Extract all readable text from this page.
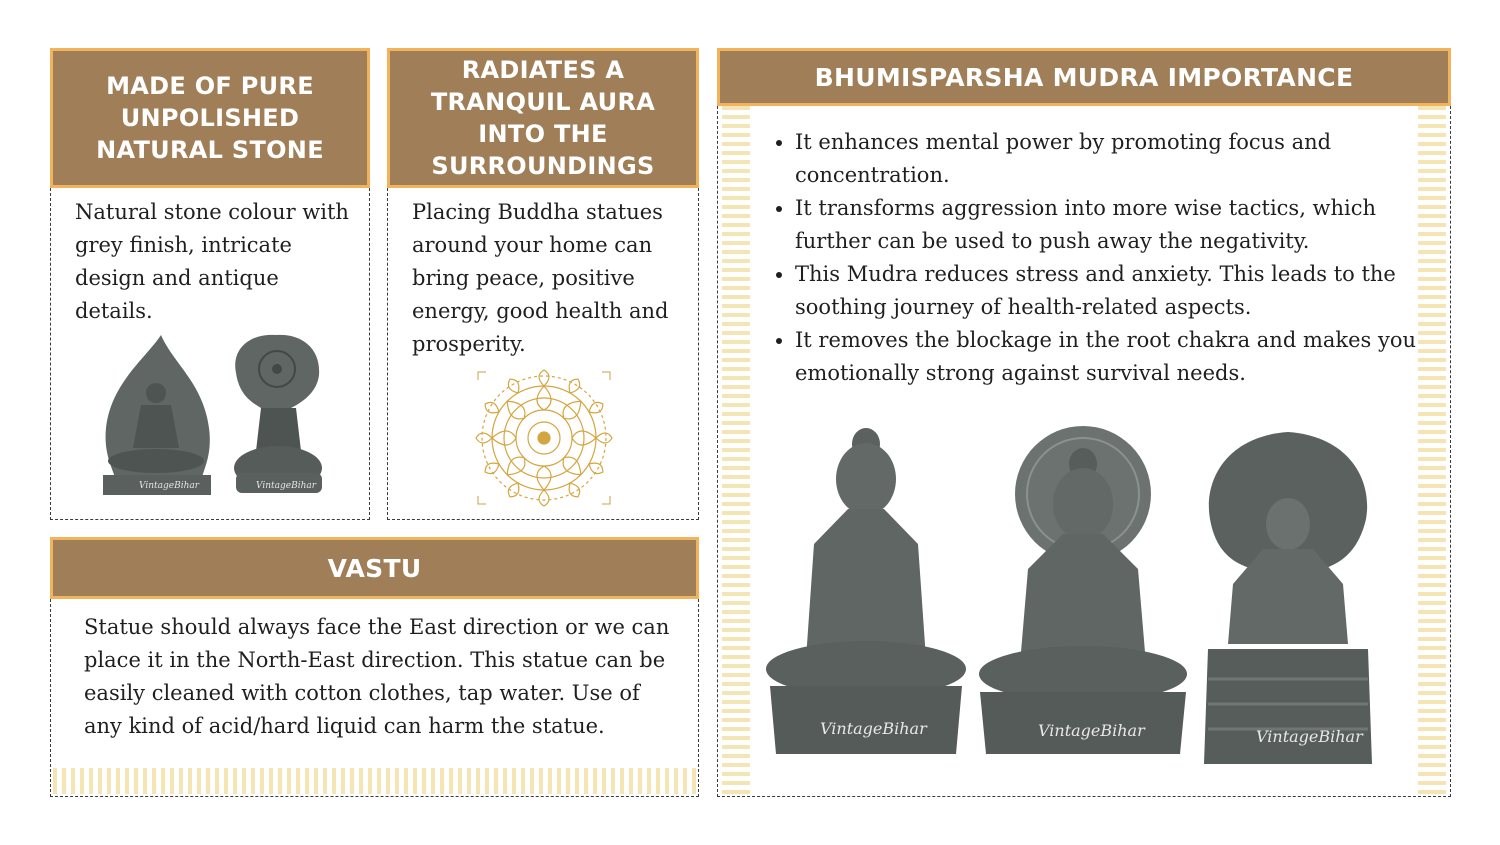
MADE OF PURE UNPOLISHED NATURAL STONE
Natural stone colour with grey finish, intricate design and antique details.
VintageBihar	VintageBihar
RADIATES A TRANQUIL AURA INTO THE SURROUNDINGS
Placing Buddha statues around your home can bring peace, positive energy, good health and prosperity.
VASTU
Statue should always face the East direction or we can place it in the North-East direction. This statue can be easily cleaned with cotton clothes, tap water. Use of any kind of acid/hard liquid can harm the statue.
BHUMISPARSHA MUDRA IMPORTANCE
• It enhances mental power by promoting focus and concentration.
• It transforms aggression into more wise tactics, which further can be used to push away the negativity.
• This Mudra reduces stress and anxiety. This leads to the soothing journey of health-related aspects.
• It removes the blockage in the root chakra and makes you emotionally strong against survival needs.
VintageBihar	VintageBihar	VintageBihar
